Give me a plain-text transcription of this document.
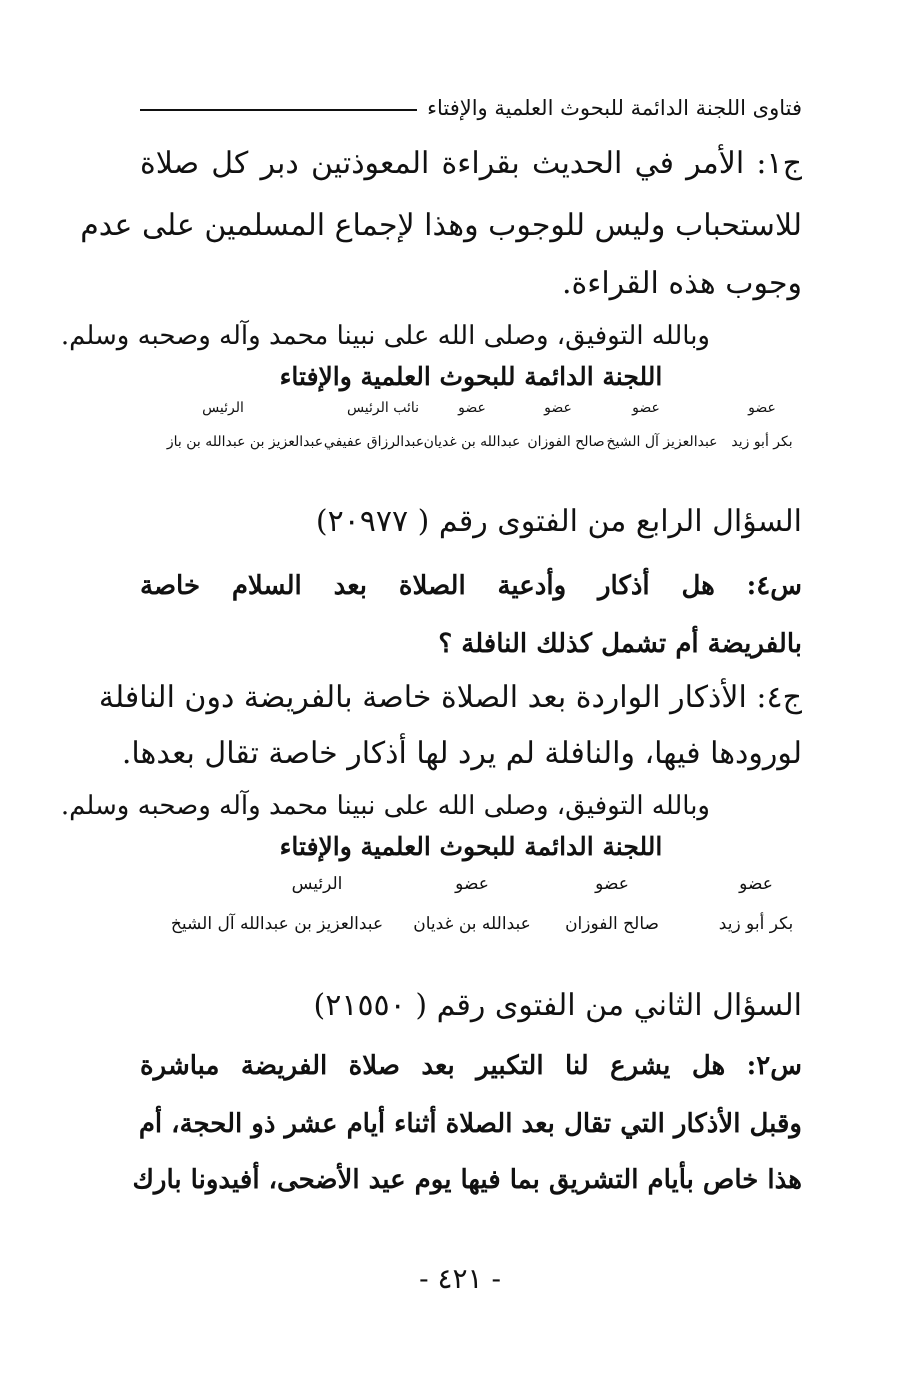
فتاوى اللجنة الدائمة للبحوث العلمية والإفتاء
ج١: الأمر في الحديث بقراءة المعوذتين دبر كل صلاة
للاستحباب وليس للوجوب وهذا لإجماع المسلمين على عدم
وجوب هذه القراءة.
وبالله التوفيق، وصلى الله على نبينا محمد وآله وصحبه وسلم.
اللجنة الدائمة للبحوث العلمية والإفتاء
عضو
عضو
عضو
عضو
نائب الرئيس
الرئيس
بكر أبو زيد
عبدالعزيز آل الشيخ
صالح الفوزان
عبدالله بن غديان
عبدالرزاق عفيفي
عبدالعزيز بن عبدالله بن باز
السؤال الرابع من الفتوى رقم ( ٢٠٩٧٧)
س٤: هل أذكار وأدعية الصلاة بعد السلام خاصة
بالفريضة أم تشمل كذلك النافلة ؟
ج٤: الأذكار الواردة بعد الصلاة خاصة بالفريضة دون النافلة
لورودها فيها، والنافلة لم يرد لها أذكار خاصة تقال بعدها.
وبالله التوفيق، وصلى الله على نبينا محمد وآله وصحبه وسلم.
اللجنة الدائمة للبحوث العلمية والإفتاء
عضو
عضو
عضو
الرئيس
بكر أبو زيد
صالح الفوزان
عبدالله بن غديان
عبدالعزيز بن عبدالله آل الشيخ
السؤال الثاني من الفتوى رقم ( ٢١٥٥٠)
س٢: هل يشرع لنا التكبير بعد صلاة الفريضة مباشرة
وقبل الأذكار التي تقال بعد الصلاة أثناء أيام عشر ذو الحجة، أم
هذا خاص بأيام التشريق بما فيها يوم عيد الأضحى، أفيدونا بارك
- ٤٢١ -
